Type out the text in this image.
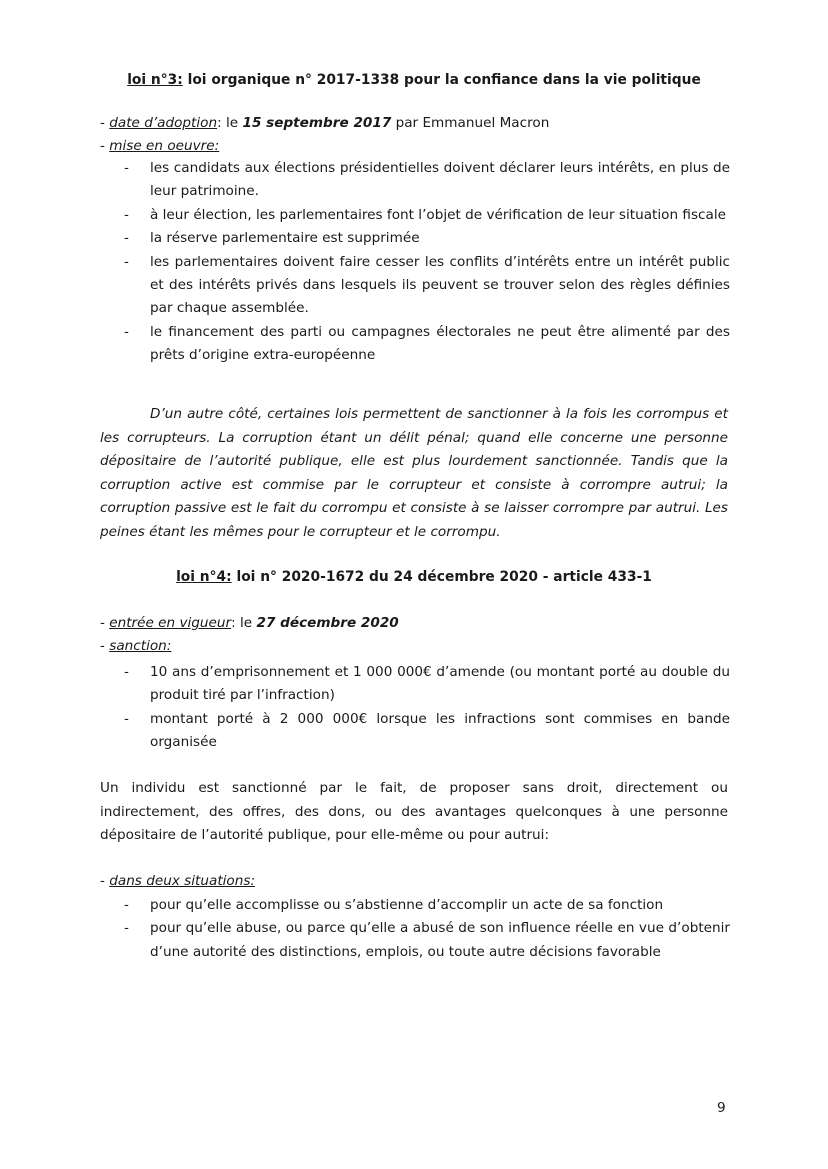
loi n°3: loi organique n° 2017-1338 pour la confiance dans la vie politique
- date d’adoption: le 15 septembre 2017 par Emmanuel Macron
- mise en oeuvre:
- les candidats aux élections présidentielles doivent déclarer leurs intérêts, en plus de leur patrimoine.
- à leur élection, les parlementaires font l’objet de vérification de leur situation fiscale
- la réserve parlementaire est supprimée
- les parlementaires doivent faire cesser les conflits d’intérêts entre un intérêt public et des intérêts privés dans lesquels ils peuvent se trouver selon des règles définies par chaque assemblée.
- le financement des parti ou campagnes électorales ne peut être alimenté par des prêts d’origine extra-européenne

D’un autre côté, certaines lois permettent de sanctionner à la fois les corrompus et les corrupteurs. La corruption étant un délit pénal; quand elle concerne une personne dépositaire de l’autorité publique, elle est plus lourdement sanctionnée. Tandis que la corruption active est commise par le corrupteur et consiste à corrompre autrui; la corruption passive est le fait du corrompu et consiste à se laisser corrompre par autrui. Les peines étant les mêmes pour le corrupteur et le corrompu.

loi n°4: loi n° 2020-1672 du 24 décembre 2020 - article 433-1
- entrée en vigueur: le 27 décembre 2020
- sanction:
- 10 ans d’emprisonnement et 1 000 000€ d’amende (ou montant porté au double du produit tiré par l’infraction)
- montant porté à 2 000 000€ lorsque les infractions sont commises en bande organisée

Un individu est sanctionné par le fait, de proposer sans droit, directement ou indirectement, des offres, des dons, ou des avantages quelconques à une personne dépositaire de l’autorité publique, pour elle-même ou pour autrui:

- dans deux situations:
- pour qu’elle accomplisse ou s’abstienne d’accomplir un acte de sa fonction
- pour qu’elle abuse, ou parce qu’elle a abusé de son influence réelle en vue d’obtenir d’une autorité des distinctions, emplois, ou toute autre décisions favorable
9
